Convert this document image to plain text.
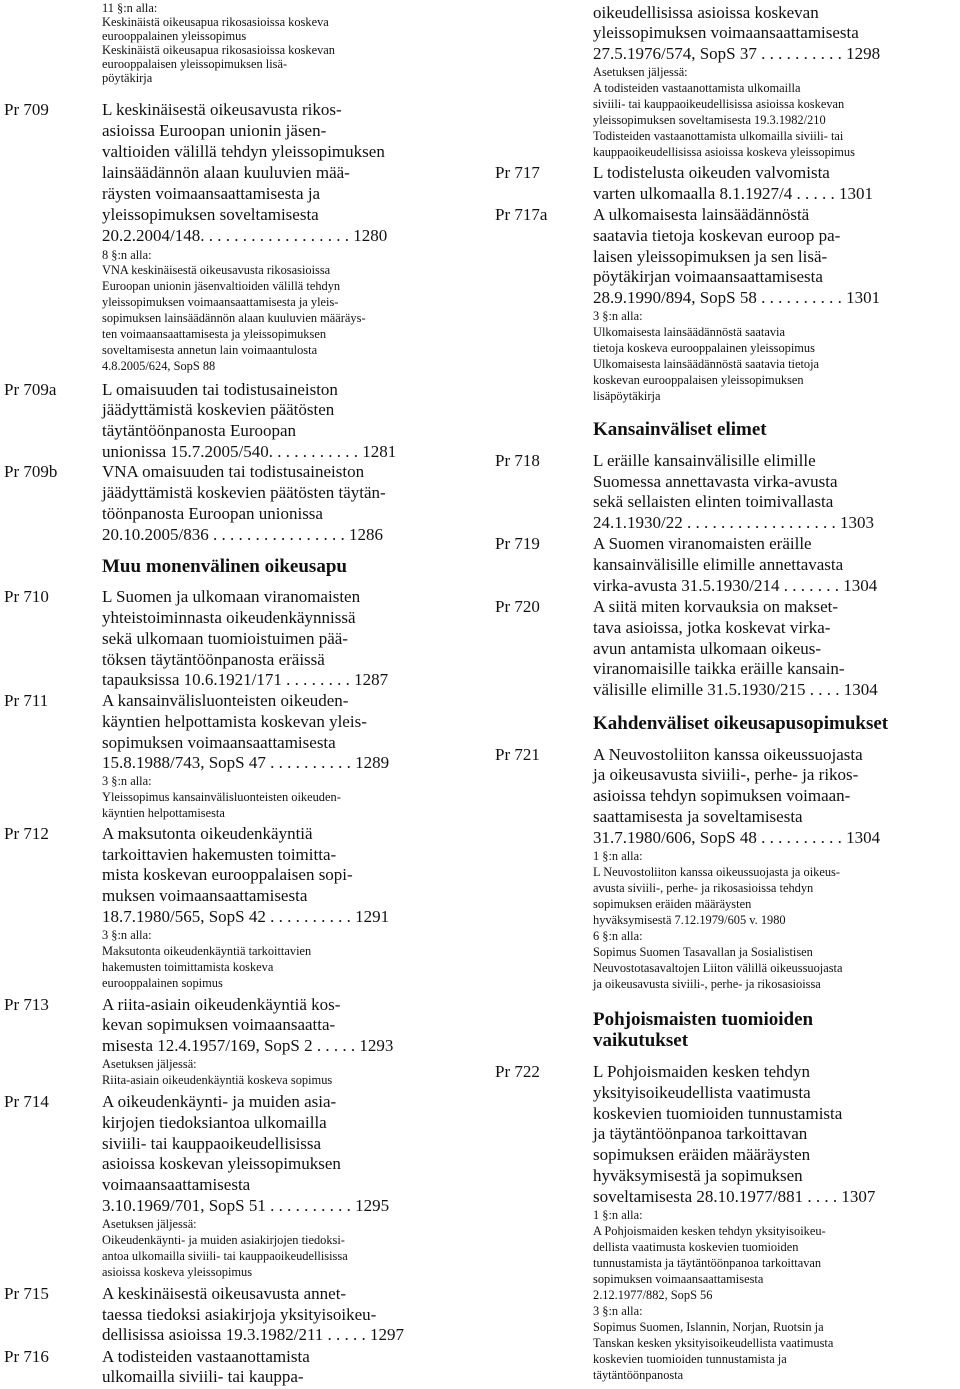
Pr 709
Pr 709a
Pr 709b
Pr 710
Pr 711
Pr 712
Pr 713
Pr 714
Pr 715
Pr 716
11 §:n alla:
Keskinäistä oikeusapua rikosasioissa koskeva
eurooppalainen yleissopimus
Keskinäistä oikeusapua rikosasioissa koskevan
eurooppalaisen yleissopimuksen lisä-
pöytäkirja
L keskinäisestä oikeusavusta rikos-
asioissa Euroopan unionin jäsen-
valtioiden välillä tehdyn yleissopimuksen
lainsäädännön alaan kuuluvien mää-
räysten voimaansaattamisesta ja
yleissopimuksen soveltamisesta
20.2.2004/148. . . . . . . . . . . . . . . . . . 1280
8 §:n alla:
VNA keskinäisestä oikeusavusta rikosasioissa
Euroopan unionin jäsenvaltioiden välillä tehdyn
yleissopimuksen voimaansaattamisesta ja yleis-
sopimuksen lainsäädännön alaan kuuluvien määräys-
ten voimaansaattamisesta ja yleissopimuksen
soveltamisesta annetun lain voimaantulosta
4.8.2005/624, SopS 88
L omaisuuden tai todistusaineiston
jäädyttämistä koskevien päätösten
täytäntöönpanosta Euroopan
unionissa 15.7.2005/540. . . . . . . . . . . 1281
VNA omaisuuden tai todistusaineiston
jäädyttämistä koskevien päätösten täytän-
töönpanosta Euroopan unionissa
20.10.2005/836 . . . . . . . . . . . . . . . . 1286
Muu monenvälinen oikeusapu
L Suomen ja ulkomaan viranomaisten
yhteistoiminnasta oikeudenkäynnissä
sekä ulkomaan tuomioistuimen pää-
töksen täytäntöönpanosta eräissä
tapauksissa 10.6.1921/171 . . . . . . . . 1287
A kansainvälisluonteisten oikeuden-
käyntien helpottamista koskevan yleis-
sopimuksen voimaansaattamisesta
15.8.1988/743, SopS 47 . . . . . . . . . . 1289
3 §:n alla:
Yleissopimus kansainvälisluonteisten oikeuden-
käyntien helpottamisesta
A maksutonta oikeudenkäyntiä
tarkoittavien hakemusten toimitta-
mista koskevan eurooppalaisen sopi-
muksen voimaansaattamisesta
18.7.1980/565, SopS 42 . . . . . . . . . . 1291
3 §:n alla:
Maksutonta oikeudenkäyntiä tarkoittavien
hakemusten toimittamista koskeva
eurooppalainen sopimus
A riita-asiain oikeudenkäyntiä kos-
kevan sopimuksen voimaansaatta-
misesta 12.4.1957/169, SopS 2 . . . . . 1293
Asetuksen jäljessä:
Riita-asiain oikeudenkäyntiä koskeva sopimus
A oikeudenkäynti- ja muiden asia-
kirjojen tiedoksiantoa ulkomailla
siviili- tai kauppaoikeudellisissa
asioissa koskevan yleissopimuksen
voimaansaattamisesta
3.10.1969/701, SopS 51 . . . . . . . . . . 1295
Asetuksen jäljessä:
Oikeudenkäynti- ja muiden asiakirjojen tiedoksi-
antoa ulkomailla siviili- tai kauppaoikeudellisissa
asioissa koskeva yleissopimus
A keskinäisestä oikeusavusta annet-
taessa tiedoksi asiakirjoja yksityisoikeu-
dellisissa asioissa 19.3.1982/211 . . . . . 1297
A todisteiden vastaanottamista
ulkomailla siviili- tai kauppa-
Pr 717
Pr 717a
Pr 718
Pr 719
Pr 720
Pr 721
Pr 722
oikeudellisissa asioissa koskevan
yleissopimuksen voimaansaattamisesta
27.5.1976/574, SopS 37 . . . . . . . . . . 1298
Asetuksen jäljessä:
A todisteiden vastaanottamista ulkomailla
siviili- tai kauppaoikeudellisissa asioissa koskevan
yleissopimuksen soveltamisesta 19.3.1982/210
Todisteiden vastaanottamista ulkomailla siviili- tai
kauppaoikeudellisissa asioissa koskeva yleissopimus
L todistelusta oikeuden valvomista
varten ulkomaalla 8.1.1927/4 . . . . . 1301
A ulkomaisesta lainsäädännöstä
saatavia tietoja koskevan euroop pa-
laisen yleissopimuksen ja sen lisä-
pöytäkirjan voimaansaattamisesta
28.9.1990/894, SopS 58 . . . . . . . . . . 1301
3 §:n alla:
Ulkomaisesta lainsäädännöstä saatavia
tietoja koskeva eurooppalainen yleissopimus
Ulkomaisesta lainsäädännöstä saatavia tietoja
koskevan eurooppalaisen yleissopimuksen
lisäpöytäkirja
Kansainväliset elimet
L eräille kansainvälisille elimille
Suomessa annettavasta virka-avusta
sekä sellaisten elinten toimivallasta
24.1.1930/22 . . . . . . . . . . . . . . . . . . 1303
A Suomen viranomaisten eräille
kansainvälisille elimille annettavasta
virka-avusta 31.5.1930/214 . . . . . . . 1304
A siitä miten korvauksia on makset-
tava asioissa, jotka koskevat virka-
avun antamista ulkomaan oikeus-
viranomaisille taikka eräille kansain-
välisille elimille 31.5.1930/215 . . . . 1304
Kahdenväliset oikeusapusopimukset
A Neuvostoliiton kanssa oikeussuojasta
ja oikeusavusta siviili-, perhe- ja rikos-
asioissa tehdyn sopimuksen voimaan-
saattamisesta ja soveltamisesta
31.7.1980/606, SopS 48 . . . . . . . . . . 1304
1 §:n alla:
L Neuvostoliiton kanssa oikeussuojasta ja oikeus-
avusta siviili-, perhe- ja rikosasioissa tehdyn
sopimuksen eräiden määräysten
hyväksymisestä 7.12.1979/605 v. 1980
6 §:n alla:
Sopimus Suomen Tasavallan ja Sosialistisen
Neuvostotasavaltojen Liiton välillä oikeussuojasta
ja oikeusavusta siviili-, perhe- ja rikosasioissa
Pohjoismaisten tuomioiden
vaikutukset
L Pohjoismaiden kesken tehdyn
yksityisoikeudellista vaatimusta
koskevien tuomioiden tunnustamista
ja täytäntöönpanoa tarkoittavan
sopimuksen eräiden määräysten
hyväksymisestä ja sopimuksen
soveltamisesta 28.10.1977/881 . . . . 1307
1 §:n alla:
A Pohjoismaiden kesken tehdyn yksityisoikeu-
dellista vaatimusta koskevien tuomioiden
tunnustamista ja täytäntöönpanoa tarkoittavan
sopimuksen voimaansaattamisesta
2.12.1977/882, SopS 56
3 §:n alla:
Sopimus Suomen, Islannin, Norjan, Ruotsin ja
Tanskan kesken yksityisoikeudellista vaatimusta
koskevien tuomioiden tunnustamista ja
täytäntöönpanosta
